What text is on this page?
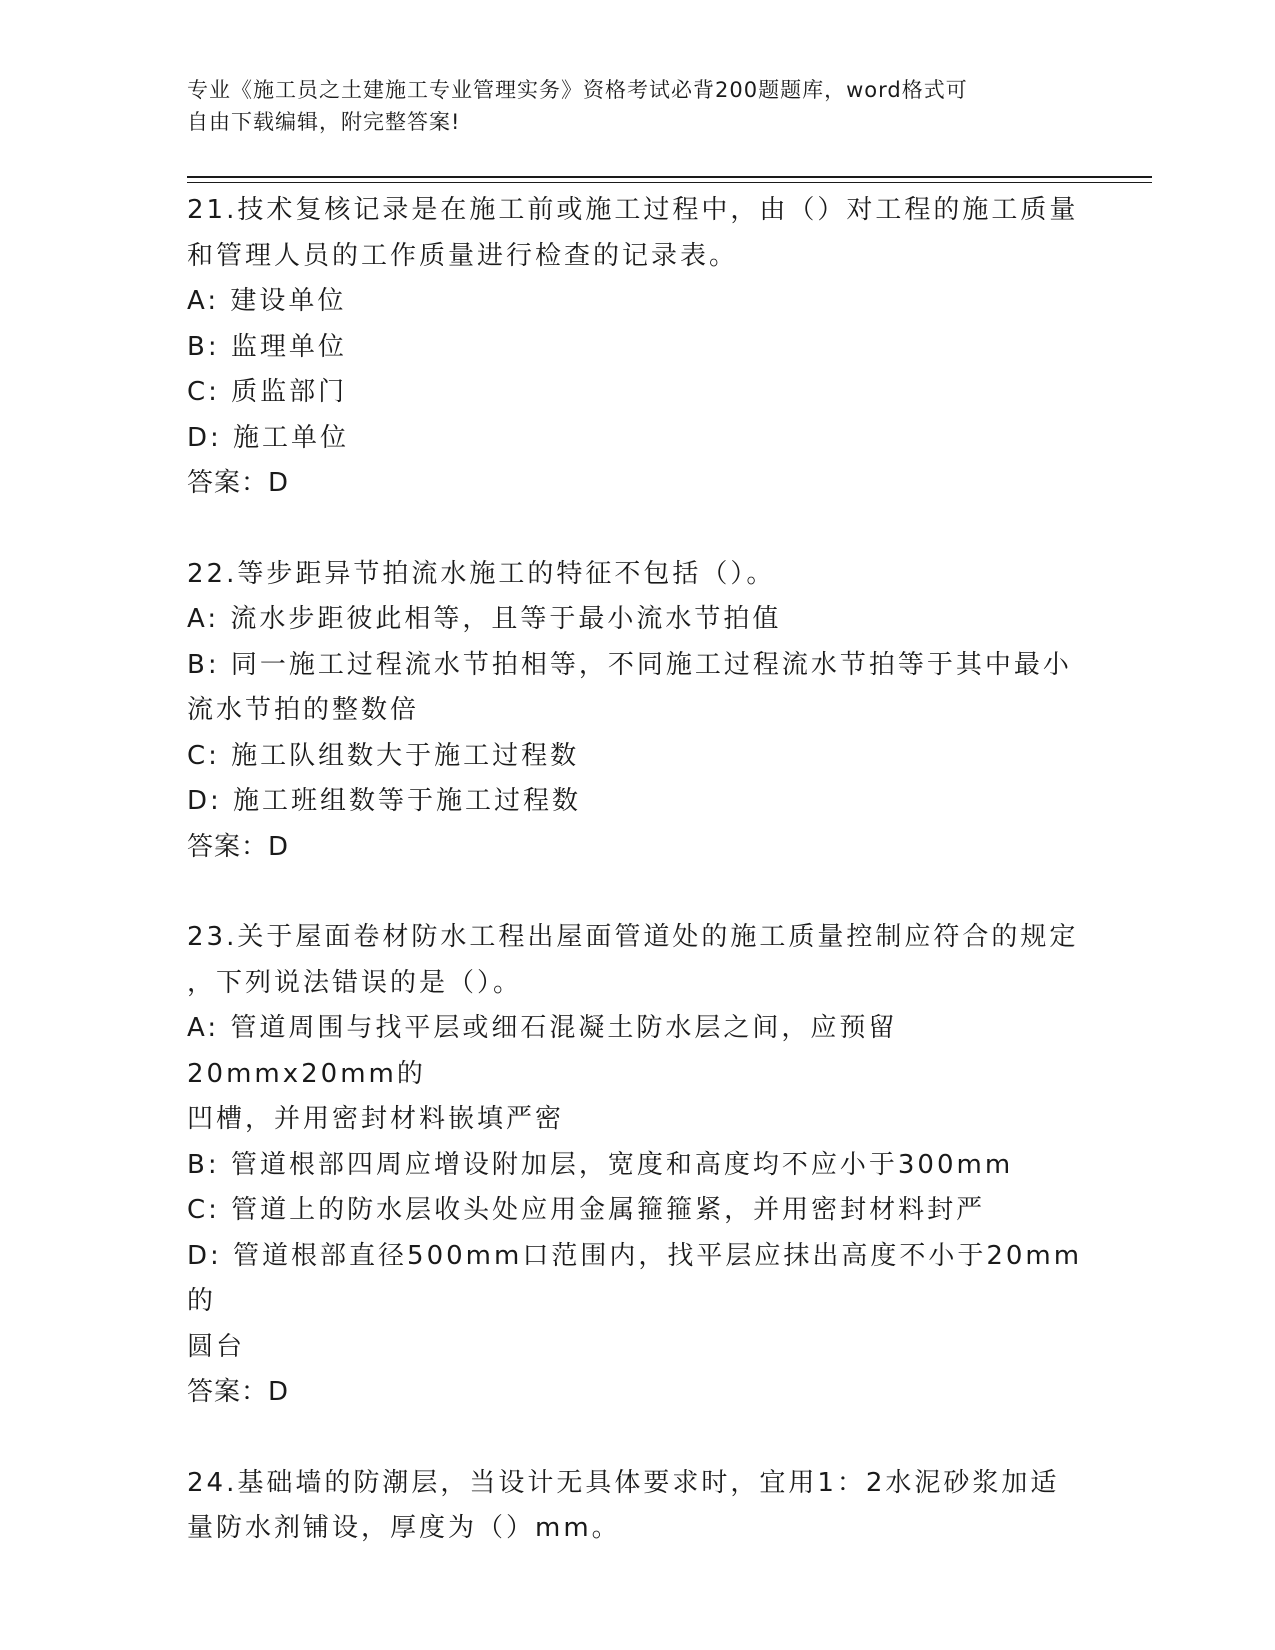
专业《施工员之土建施工专业管理实务》资格考试必背200题题库，word格式可
自由下载编辑，附完整答案!
21.技术复核记录是在施工前或施工过程中，由（）对工程的施工质量
和管理人员的工作质量进行检查的记录表。
A: 建设单位
B: 监理单位
C: 质监部门
D: 施工单位
答案：D
22.等步距异节拍流水施工的特征不包括（）。
A: 流水步距彼此相等，且等于最小流水节拍值
B: 同一施工过程流水节拍相等，不同施工过程流水节拍等于其中最小
流水节拍的整数倍
C: 施工队组数大于施工过程数
D: 施工班组数等于施工过程数
答案：D
23.关于屋面卷材防水工程出屋面管道处的施工质量控制应符合的规定
，下列说法错误的是（）。
A: 管道周围与找平层或细石混凝土防水层之间，应预留20mmx20mm的
凹槽，并用密封材料嵌填严密
B: 管道根部四周应增设附加层，宽度和高度均不应小于300mm
C: 管道上的防水层收头处应用金属箍箍紧，并用密封材料封严
D: 管道根部直径500mm口范围内，找平层应抹出高度不小于20mm的
圆台
答案：D
24.基础墙的防潮层，当设计无具体要求时，宜用1：2水泥砂浆加适
量防水剂铺设，厚度为（）mm。
